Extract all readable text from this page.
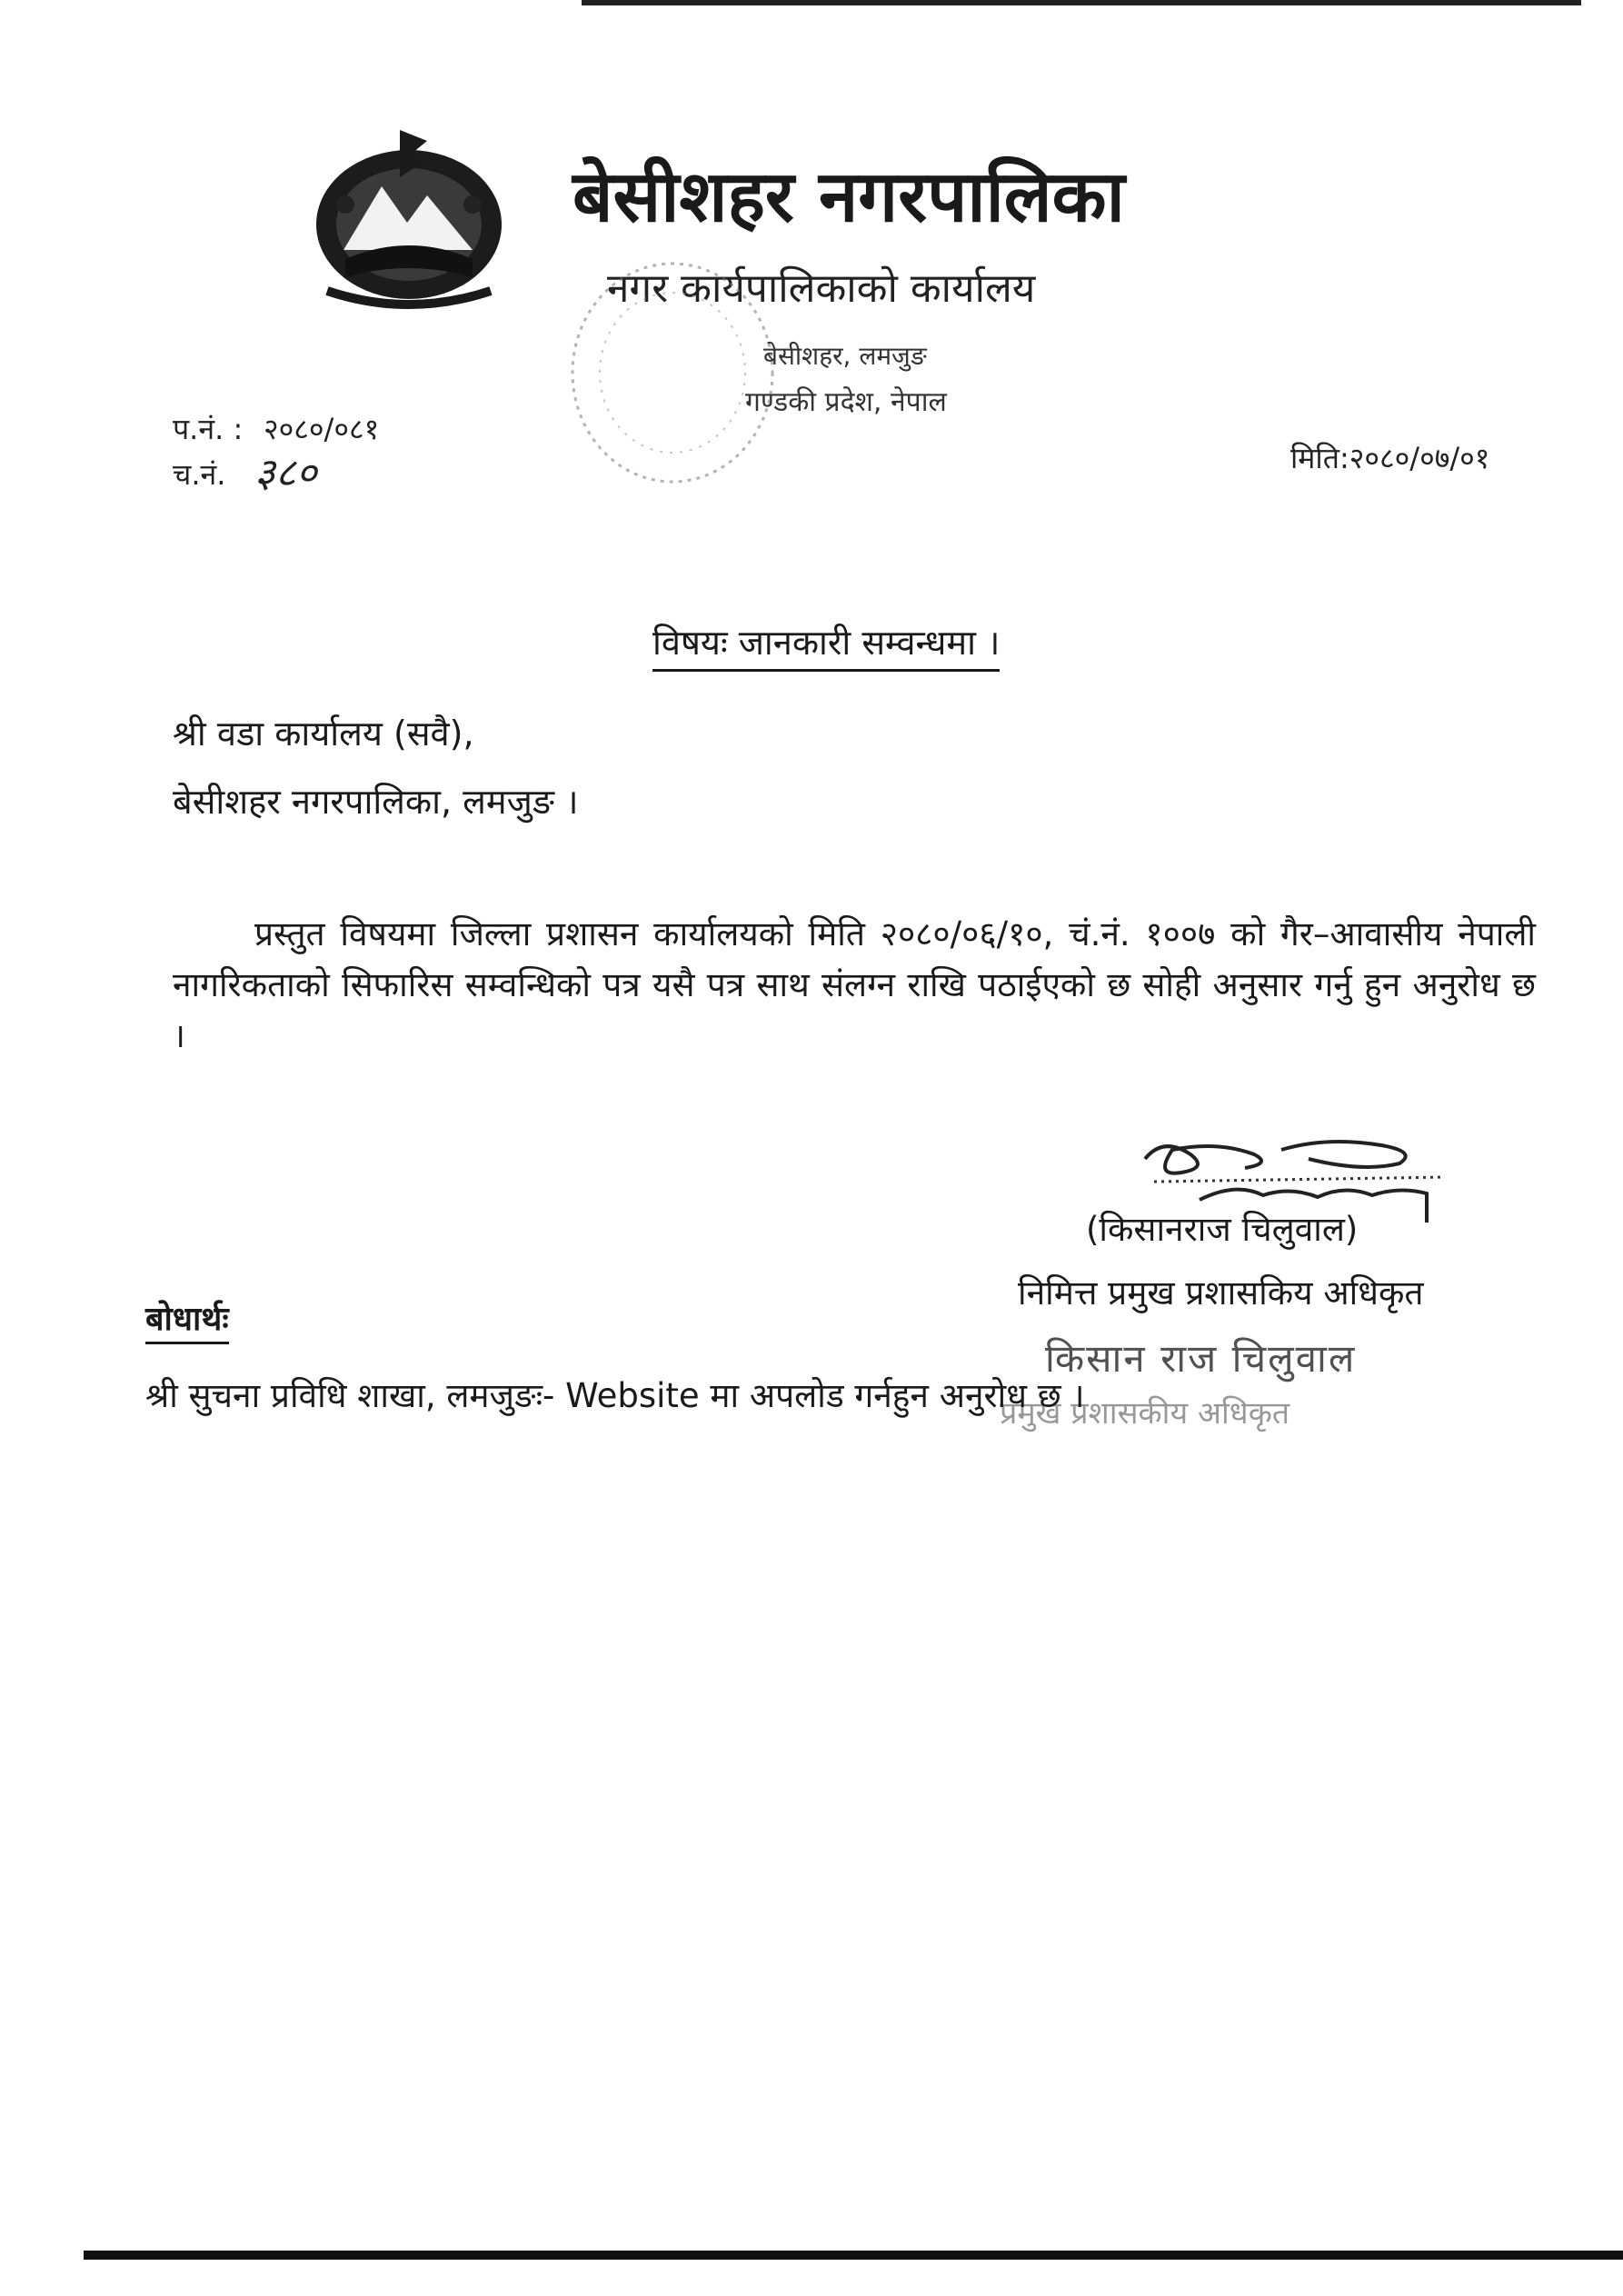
बेसीशहर नगरपालिका
नगर कार्यपालिकाको कार्यालय
बेसीशहर, लमजुङ
गण्डकी प्रदेश, नेपाल
प.नं. : २०८०/०८१
च.नं. ३८०	मिति:२०८०/०७/०१
विषयः जानकारी सम्वन्धमा ।
श्री वडा कार्यालय (सवै),
बेसीशहर नगरपालिका, लमजुङ ।
प्रस्तुत विषयमा जिल्ला प्रशासन कार्यालयको मिति २०८०/०६/१०, चं.नं. १००७ को गैर–आवासीय नेपाली नागरिकताको सिफारिस सम्वन्धिको पत्र यसै पत्र साथ संलग्न राखि पठाईएको छ सोही अनुसार गर्नु हुन अनुरोध छ ।
(किसानराज चिलुवाल)
निमित्त प्रमुख प्रशासकिय अधिकृत
बोधार्थः
किसान राज चिलुवाल
प्रमुख प्रशासकीय अधिकृत
श्री सुचना प्रविधि शाखा, लमजुङः- Website मा अपलोड गर्नहुन अनुरोध छ ।
